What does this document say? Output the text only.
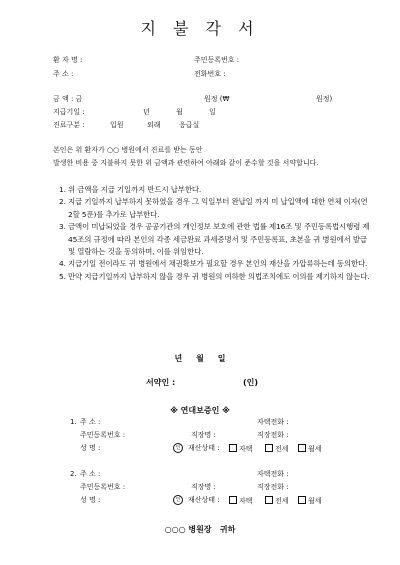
지 불 각 서
환 자 명 :	주민등록번호 :
주 소 :	전화번호 :
금 액 : 금	원정 (₩	원정)
지급기일 :	년	월	일
진료구분 :	입원	외래	응급실
본인은 위 환자가 ○○ 병원에서 진료를 받는 동안
발생한 비용 중 지불하지 못한 위 금액과 관련하여 아래와 같이 준수할 것을 서약합니다.
1. 위 금액을 지급 기일까지 반드시 납부한다.
2. 지급 기일까지 납부하지 못하였을 경우 그 익일부터 완납일 까지 미 납입액에 대한 연체 이자(연 2할 5푼)를 추가로 납부한다.
3. 금액이 미납되었을 경우 공공기관의 개인정보 보호에 관한 법률 제16조 및 주민등록법시행령 제45조의 규정에 따라 본인의 각종 세금완료 과세증명서 및 주민등록표, 초본을 귀 병원에서 발급 및 열람하는 것을 동의하며, 이를 위임한다.
4. 지급기일 전이라도 귀 병원에서 채권확보가 필요할 경우 본인의 재산을 가압류하는데 동의한다.
5. 만약 지급기일까지 납부하지 않을 경우 귀 병원의 여하한 의법조치에도 이의를 제기하지 않는다.
년     월     일
서약인 :	(인)
※ 연대보증인 ※
1. 주 소 :	자택전화 :
주민등록번호 :	직장명 :	직장전화 :
성 명 :	인	재산상태 :	자택	전세	월세
2. 주 소 :	자택전화 :
주민등록번호 :	직장명 :	직장전화 :
성 명 :	인	재산상태 :	자택	전세	월세
○○○ 병원장   귀하
